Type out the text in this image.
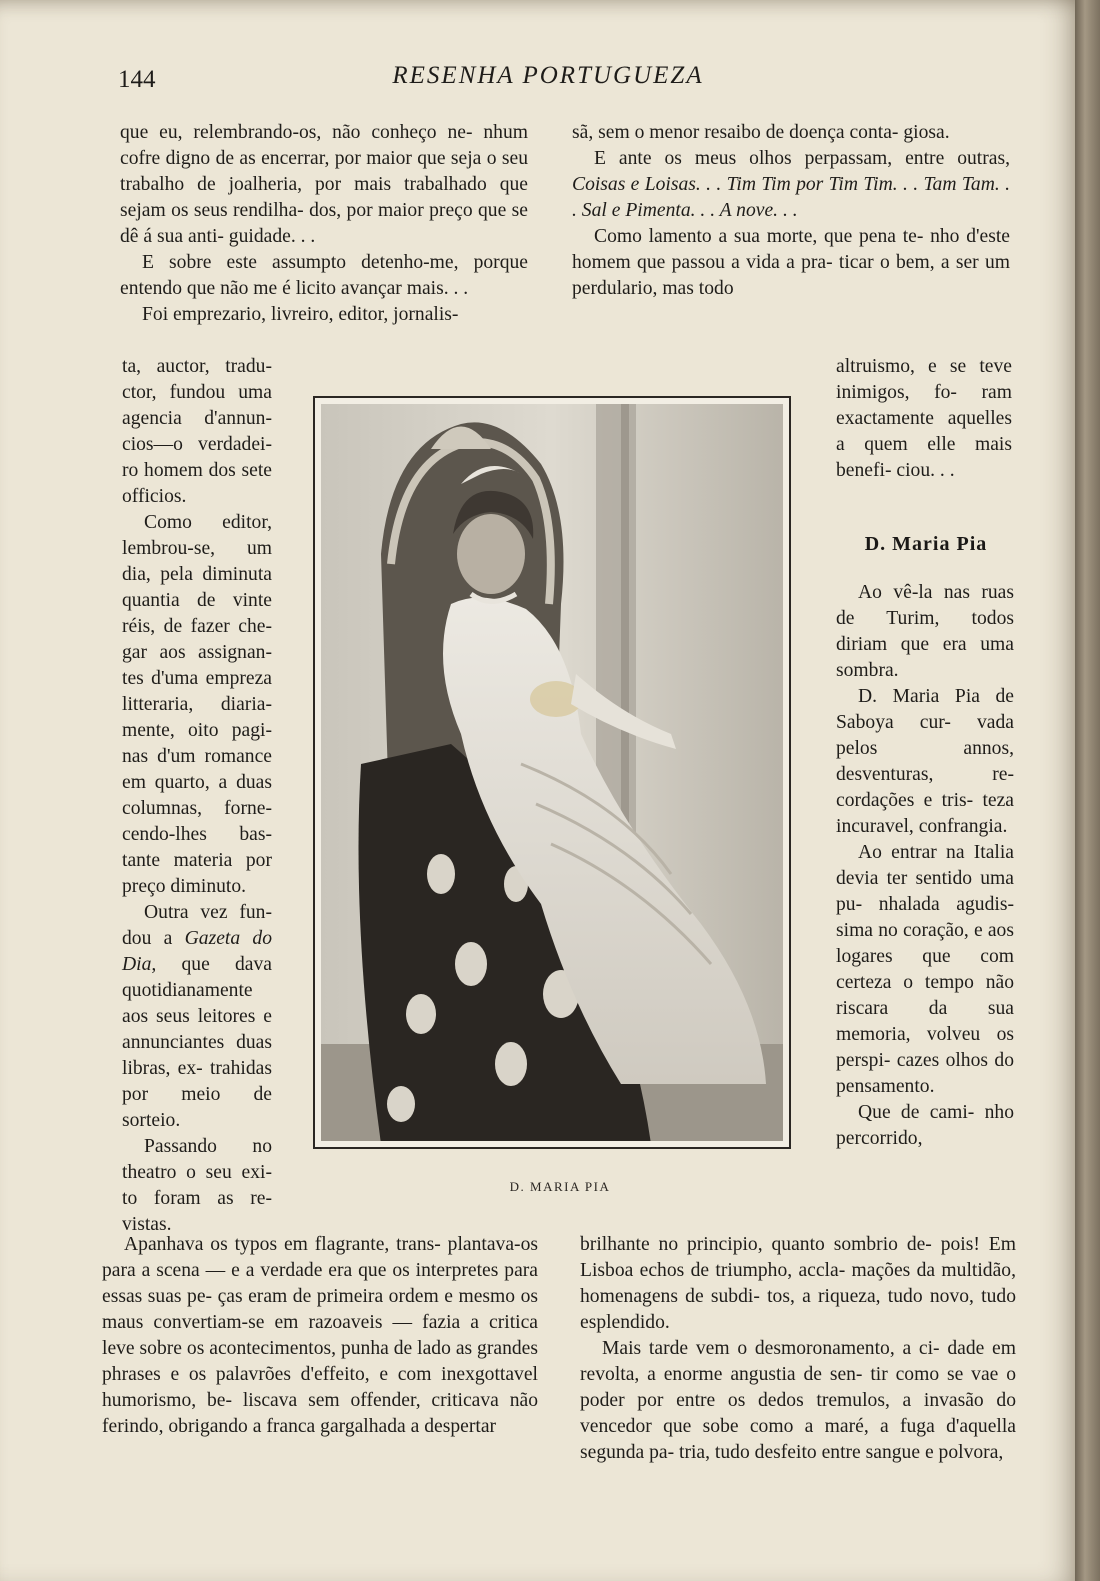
144	RESENHA PORTUGUEZA

que eu, relembrando-os, não conheço ne- nhum cofre digno de as encerrar, por maior que seja o seu trabalho de joalheria, por mais trabalhado que sejam os seus rendilha- dos, por maior preço que se dê á sua anti- guidade. . .

E sobre este assumpto detenho-me, porque entendo que não me é licito avançar mais. . .

Foi emprezario, livreiro, editor, jornalis-

ta, auctor, tradu- ctor, fundou uma agencia d'annun- cios—o verdadei- ro homem dos sete officios.

Como editor, lembrou-se, um dia, pela diminuta quantia de vinte réis, de fazer che- gar aos assignan- tes d'uma empreza litteraria, diaria- mente, oito pagi- nas d'um romance em quarto, a duas columnas, forne- cendo-lhes bas- tante materia por preço diminuto.

Outra vez fun- dou a Gazeta do Dia, que dava quotidianamente aos seus leitores e annunciantes duas libras, ex- trahidas por meio de sorteio.

Passando no theatro o seu exi- to foram as re- vistas.

Apanhava os typos em flagrante, trans- plantava-os para a scena — e a verdade era que os interpretes para essas suas pe- ças eram de primeira ordem e mesmo os maus convertiam-se em razoaveis — fazia a critica leve sobre os acontecimentos, punha de lado as grandes phrases e os palavrões d'effeito, e com inexgottavel humorismo, be- liscava sem offender, criticava não ferindo, obrigando a franca gargalhada a despertar

sã, sem o menor resaibo de doença conta- giosa.

E ante os meus olhos perpassam, entre outras, Coisas e Loisas. . . Tim Tim por Tim Tim. . . Tam Tam. . . Sal e Pimenta. . . A nove. . .

Como lamento a sua morte, que pena te- nho d'este homem que passou a vida a pra- ticar o bem, a ser um perdulario, mas todo

altruismo, e se teve inimigos, fo- ram exactamente aquelles a quem elle mais benefi- ciou. . .

D. Maria Pia

Ao vê-la nas ruas de Turim, todos diriam que era uma sombra.

D. Maria Pia de Saboya cur- vada pelos annos, desventuras, re- cordações e tris- teza incuravel, confrangia.

Ao entrar na Italia devia ter sentido uma pu- nhalada agudis- sima no coração, e aos logares que com certeza o tempo não riscara da sua memoria, volveu os perspi- cazes olhos do pensamento.

Que de cami- nho percorrido,

brilhante no principio, quanto sombrio de- pois! Em Lisboa echos de triumpho, accla- mações da multidão, homenagens de subdi- tos, a riqueza, tudo novo, tudo esplendido.

Mais tarde vem o desmoronamento, a ci- dade em revolta, a enorme angustia de sen- tir como se vae o poder por entre os dedos tremulos, a invasão do vencedor que sobe como a maré, a fuga d'aquella segunda pa- tria, tudo desfeito entre sangue e polvora,

D. MARIA PIA
